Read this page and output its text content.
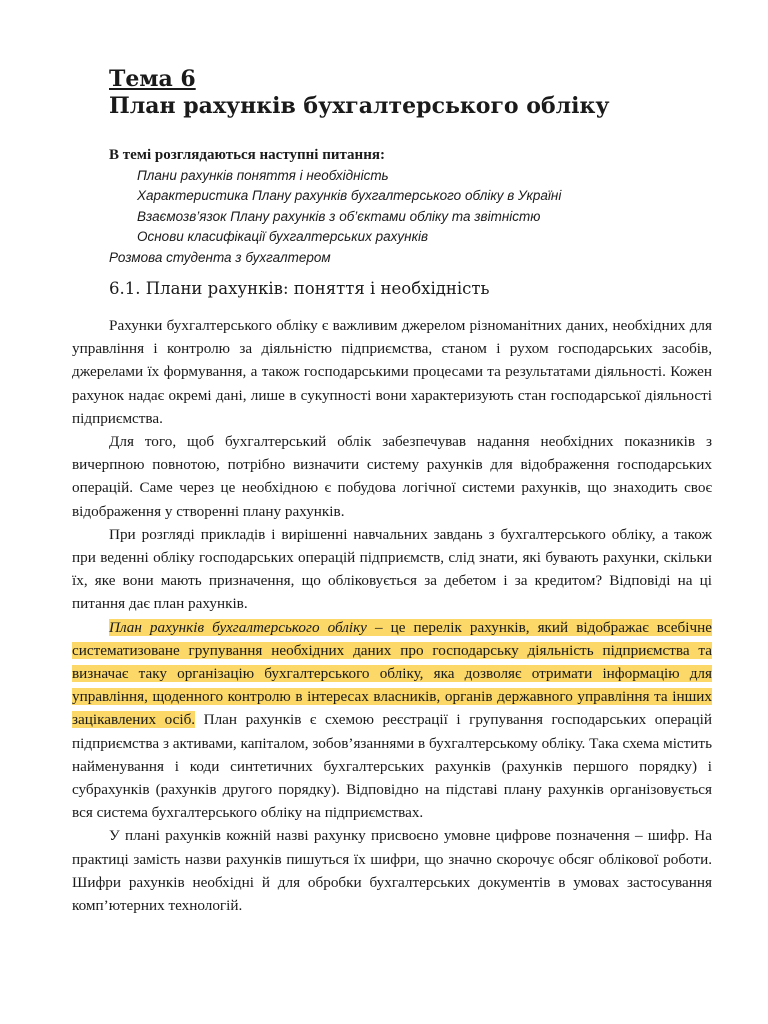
Тема 6
План рахунків бухгалтерського обліку
В темі розглядаються наступні питання:
Плани рахунків поняття і необхідність
Характеристика Плану рахунків бухгалтерського обліку в Україні
Взаємозв’язок Плану рахунків з об’єктами обліку та звітністю
Основи класифікації бухгалтерських рахунків
Розмова студента з бухгалтером
6.1. Плани рахунків: поняття і необхідність

Рахунки бухгалтерського обліку є важливим джерелом різноманітних даних, необхідних для управління і контролю за діяльністю підприємства, станом і рухом господарських засобів, джерелами їх формування, а також господарськими процесами та результатами діяльності. Кожен рахунок надає окремі дані, лише в сукупності вони характеризують стан господарської діяльності підприємства.

Для того, щоб бухгалтерський облік забезпечував надання необхідних показників з вичерпною повнотою, потрібно визначити систему рахунків для відображення господарських операцій. Саме через це необхідною є побудова логічної системи рахунків, що знаходить своє відображення у створенні плану рахунків.

При розгляді прикладів і вирішенні навчальних завдань з бухгалтерського обліку, а також при веденні обліку господарських операцій підприємств, слід знати, які бувають рахунки, скільки їх, яке вони мають призначення, що обліковується за дебетом і за кредитом? Відповіді на ці питання дає план рахунків.

План рахунків бухгалтерського обліку – це перелік рахунків, який відображає всебічне систематизоване групування необхідних даних про господарську діяльність підприємства та визначає таку організацію бухгалтерського обліку, яка дозволяє отримати інформацію для управління, щоденного контролю в інтересах власників, органів державного управління та інших зацікавлених осіб. План рахунків є схемою реєстрації і групування господарських операцій підприємства з активами, капіталом, зобов’язаннями в бухгалтерському обліку. Така схема містить найменування і коди синтетичних бухгалтерських рахунків (рахунків першого порядку) і субрахунків (рахунків другого порядку). Відповідно на підставі плану рахунків організовується вся система бухгалтерського обліку на підприємствах.

У плані рахунків кожній назві рахунку присвоєно умовне цифрове позначення – шифр. На практиці замість назви рахунків пишуться їх шифри, що значно скорочує обсяг облікової роботи. Шифри рахунків необхідні й для обробки бухгалтерських документів в умовах застосування комп’ютерних технологій.
